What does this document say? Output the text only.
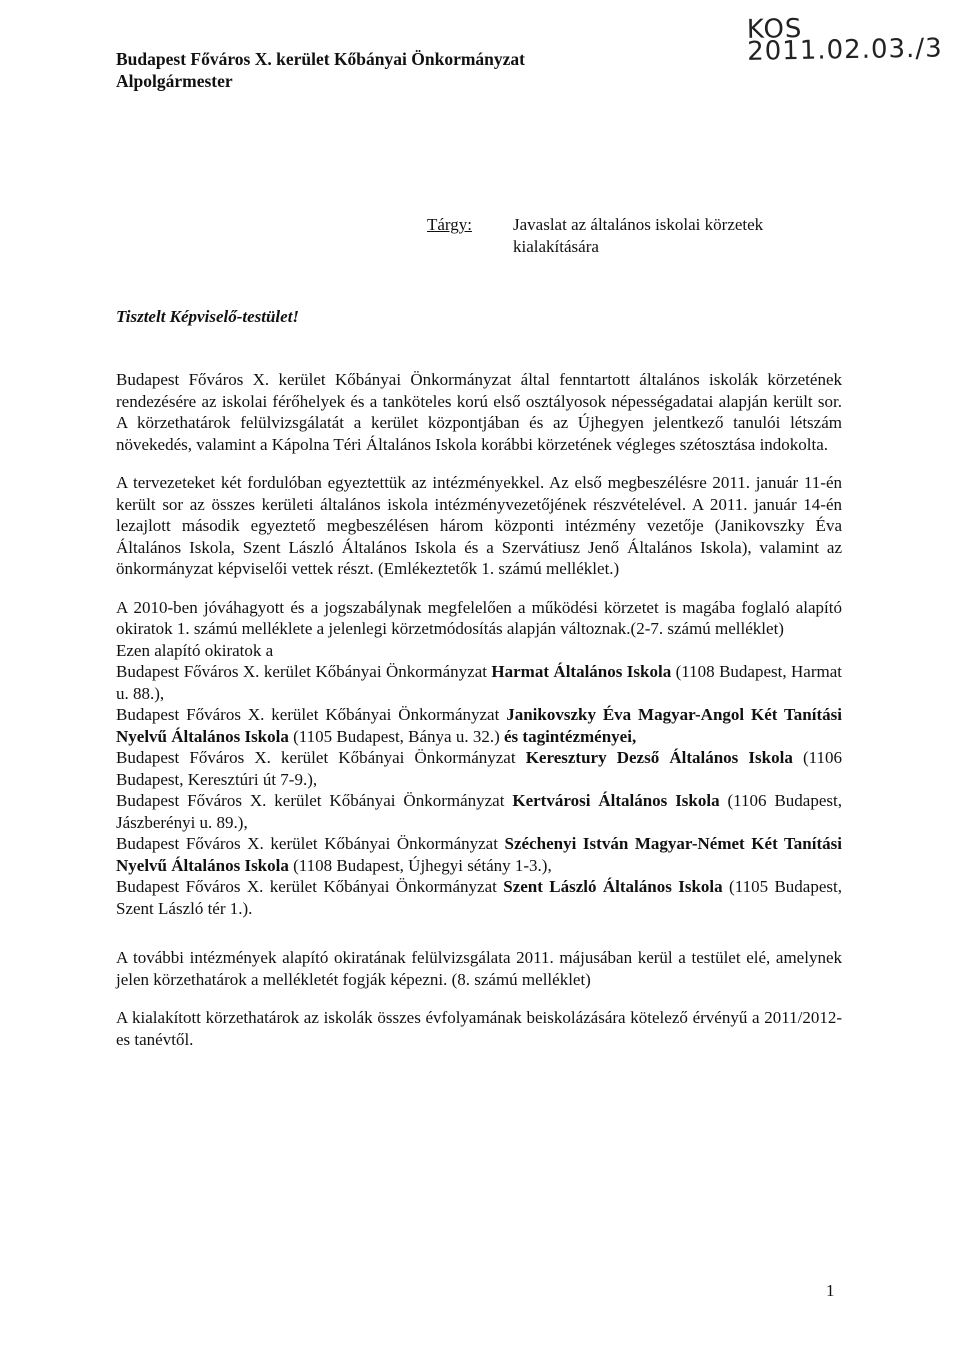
Budapest Főváros X. kerület Kőbányai Önkormányzat
Alpolgármester
KOS 2011.02.03./3
Tárgy: Javaslat az általános iskolai körzetek kialakítására
Tisztelt Képviselő-testület!

Budapest Főváros X. kerület Kőbányai Önkormányzat által fenntartott általános iskolák körzetének rendezésére az iskolai férőhelyek és a tanköteles korú első osztályosok népességadatai alapján került sor. A körzethatárok felülvizsgálatát a kerület központjában és az Újhegyen jelentkező tanulói létszám növekedés, valamint a Kápolna Téri Általános Iskola korábbi körzetének végleges szétosztása indokolta.

A tervezeteket két fordulóban egyeztettük az intézményekkel. Az első megbeszélésre 2011. január 11-én került sor az összes kerületi általános iskola intézményvezetőjének részvételével. A 2011. január 14-én lezajlott második egyeztető megbeszélésen három központi intézmény vezetője (Janikovszky Éva Általános Iskola, Szent László Általános Iskola és a Szervátiusz Jenő Általános Iskola), valamint az önkormányzat képviselői vettek részt. (Emlékeztetők 1. számú melléklet.)

A 2010-ben jóváhagyott és a jogszabálynak megfelelően a működési körzetet is magába foglaló alapító okiratok 1. számú melléklete a jelenlegi körzetmódosítás alapján változnak.(2-7. számú melléklet)

Ezen alapító okiratok a
Budapest Főváros X. kerület Kőbányai Önkormányzat Harmat Általános Iskola (1108 Budapest, Harmat u. 88.),
Budapest Főváros X. kerület Kőbányai Önkormányzat Janikovszky Éva Magyar-Angol Két Tanítási Nyelvű Általános Iskola (1105 Budapest, Bánya u. 32.) és tagintézményei,
Budapest Főváros X. kerület Kőbányai Önkormányzat Keresztury Dezső Általános Iskola (1106 Budapest, Keresztúri út 7-9.),
Budapest Főváros X. kerület Kőbányai Önkormányzat Kertvárosi Általános Iskola (1106 Budapest, Jászberényi u. 89.),
Budapest Főváros X. kerület Kőbányai Önkormányzat Széchenyi István Magyar-Német Két Tanítási Nyelvű Általános Iskola (1108 Budapest, Újhegyi sétány 1-3.),
Budapest Főváros X. kerület Kőbányai Önkormányzat Szent László Általános Iskola (1105 Budapest, Szent László tér 1.).

A további intézmények alapító okiratának felülvizsgálata 2011. májusában kerül a testület elé, amelynek jelen körzethatárok a mellékletét fogják képezni. (8. számú melléklet)

A kialakított körzethatárok az iskolák összes évfolyamának beiskolázására kötelező érvényű a 2011/2012-es tanévtől.

1
